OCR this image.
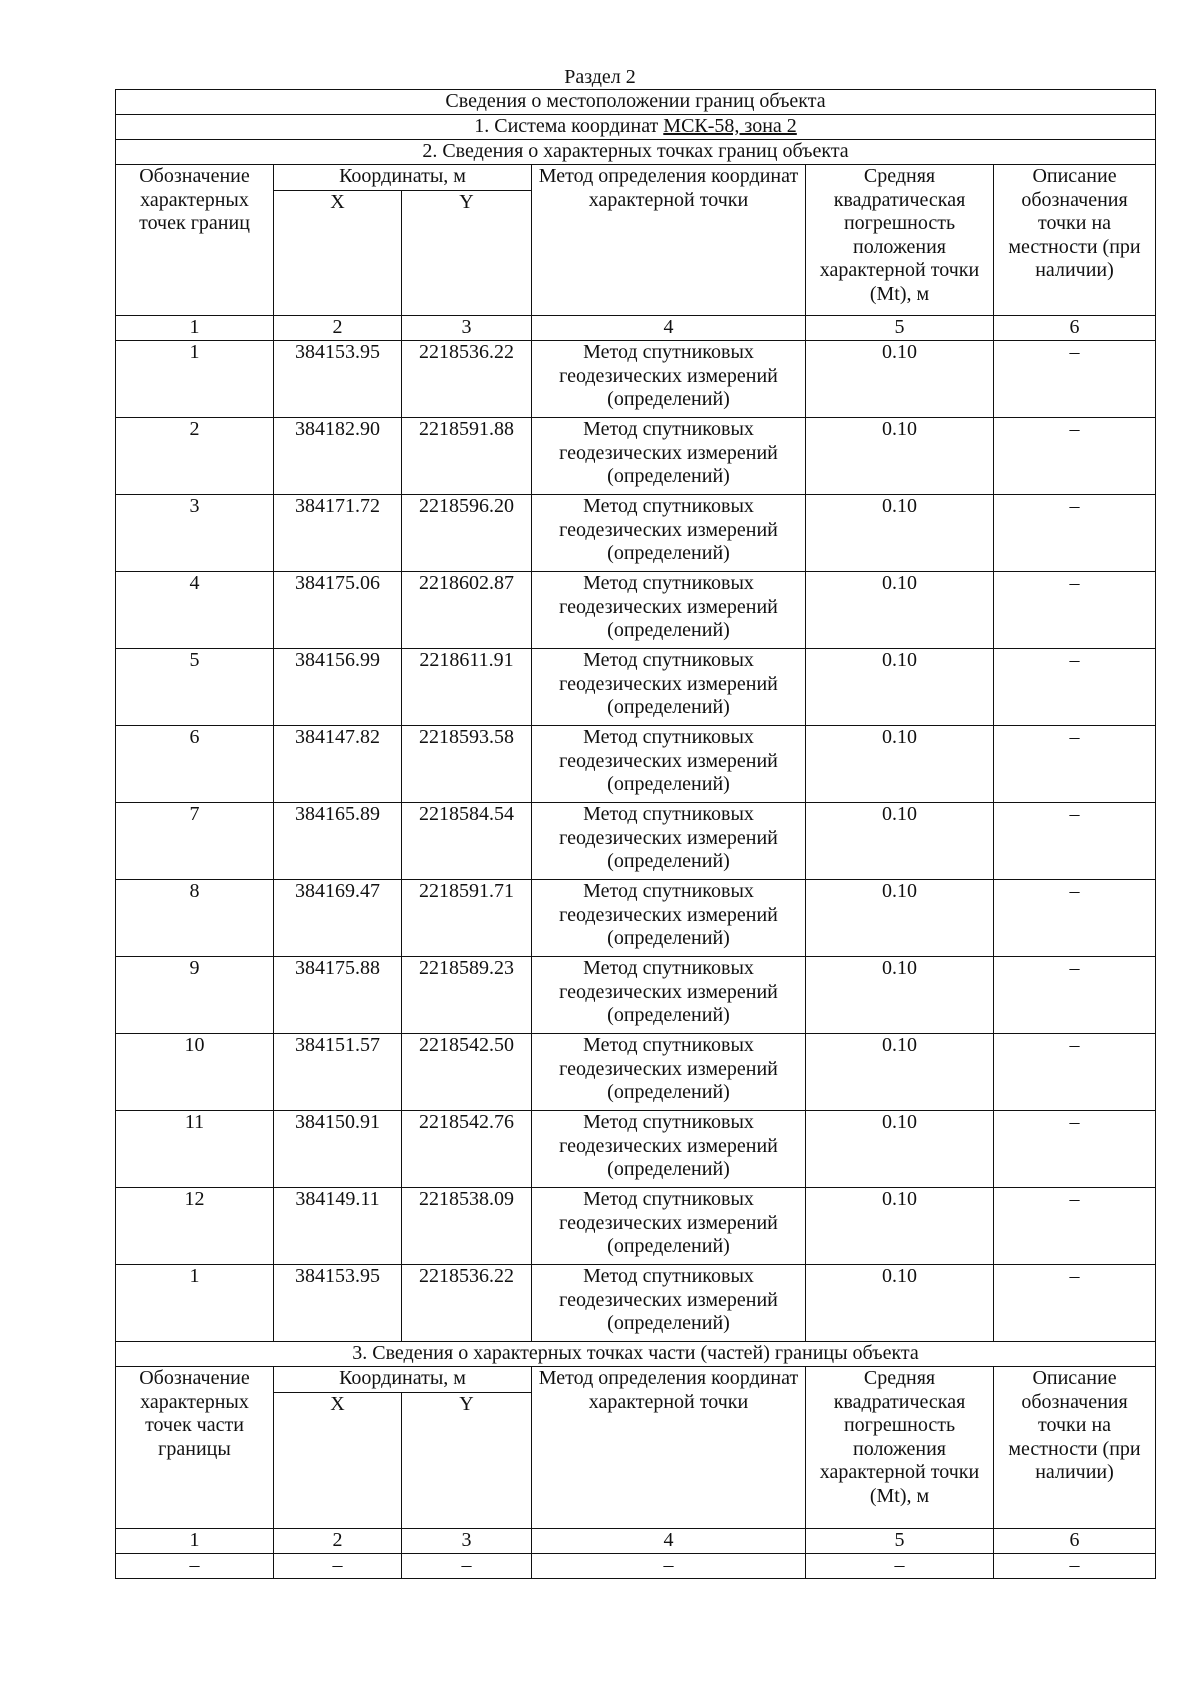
Раздел 2
Сведения о местоположении границ объекта					
1. Система координат МСК-58, зона 2					
2. Сведения о характерных точках границ объекта					
Обозначение характерных точек границ	Координаты, м		Метод определения координат характерной точки	Средняя квадратическая погрешность положения характерной точки (Mt), м	Описание обозначения точки на местности (при наличии)
	X	Y			
1	2	3	4	5	6
1	384153.95	2218536.22	Метод спутниковых геодезических измерений (определений)	0.10	–
2	384182.90	2218591.88	Метод спутниковых геодезических измерений (определений)	0.10	–
3	384171.72	2218596.20	Метод спутниковых геодезических измерений (определений)	0.10	–
4	384175.06	2218602.87	Метод спутниковых геодезических измерений (определений)	0.10	–
5	384156.99	2218611.91	Метод спутниковых геодезических измерений (определений)	0.10	–
6	384147.82	2218593.58	Метод спутниковых геодезических измерений (определений)	0.10	–
7	384165.89	2218584.54	Метод спутниковых геодезических измерений (определений)	0.10	–
8	384169.47	2218591.71	Метод спутниковых геодезических измерений (определений)	0.10	–
9	384175.88	2218589.23	Метод спутниковых геодезических измерений (определений)	0.10	–
10	384151.57	2218542.50	Метод спутниковых геодезических измерений (определений)	0.10	–
11	384150.91	2218542.76	Метод спутниковых геодезических измерений (определений)	0.10	–
12	384149.11	2218538.09	Метод спутниковых геодезических измерений (определений)	0.10	–
1	384153.95	2218536.22	Метод спутниковых геодезических измерений (определений)	0.10	–
3. Сведения о характерных точках части (частей) границы объекта					
Обозначение характерных точек части границы	Координаты, м		Метод определения координат характерной точки	Средняя квадратическая погрешность положения характерной точки (Mt), м	Описание обозначения точки на местности (при наличии)
	X	Y			
1	2	3	4	5	6
–	–	–	–	–	–
